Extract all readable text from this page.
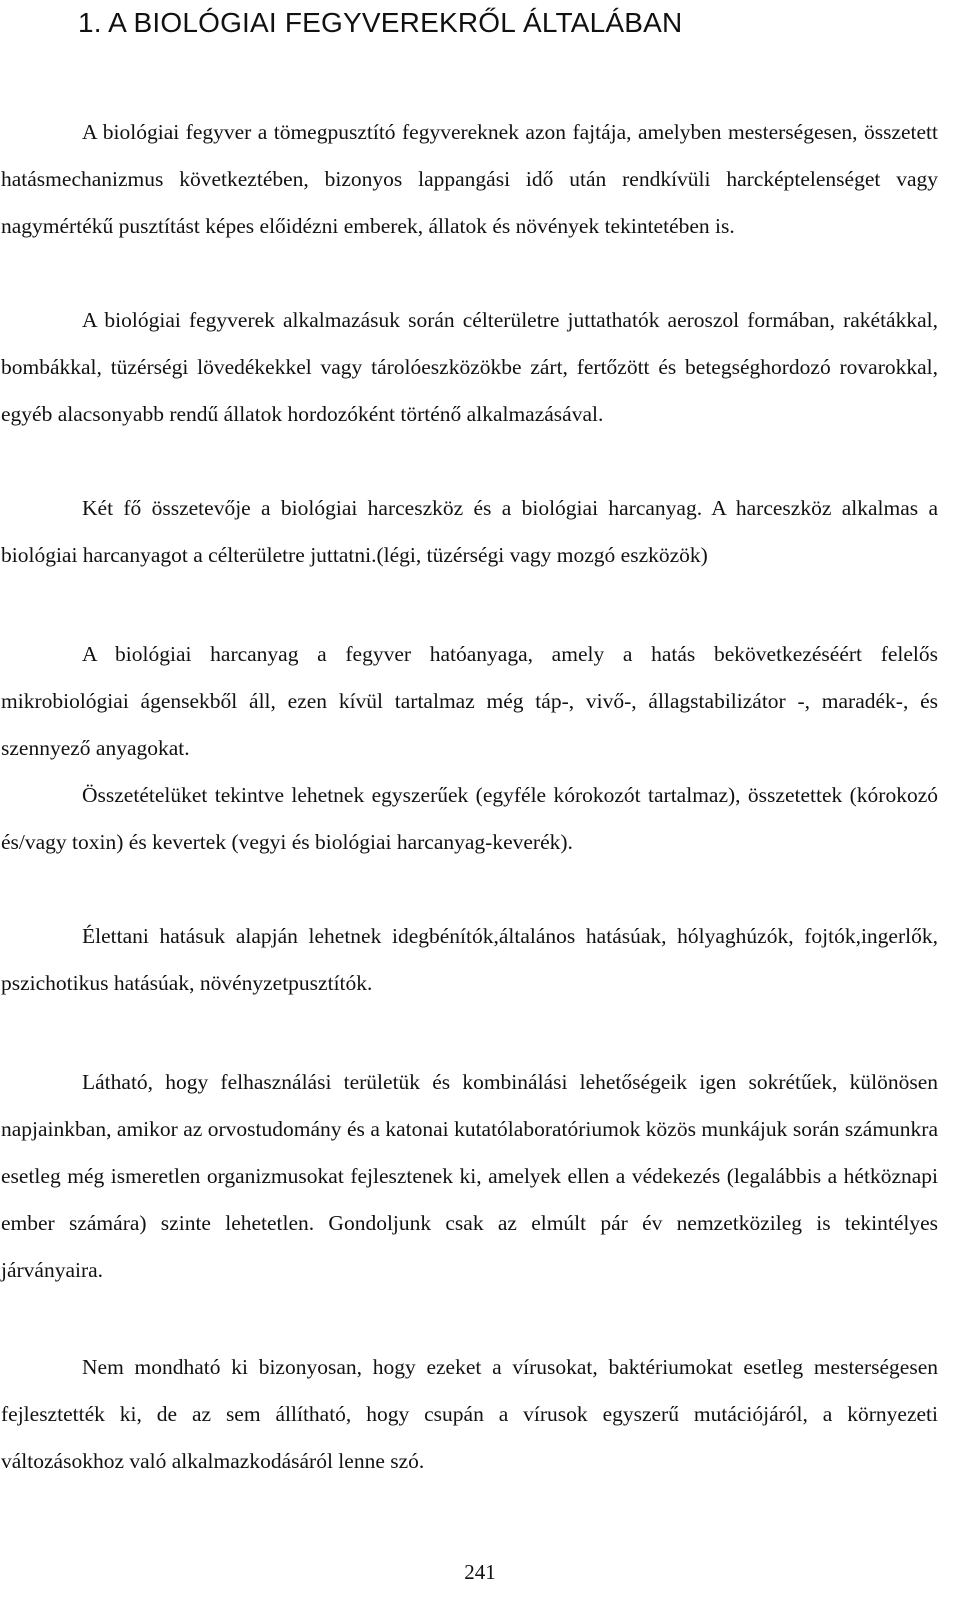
1. A BIOLÓGIAI FEGYVEREKRŐL ÁLTALÁBAN

A biológiai fegyver a tömegpusztító fegyvereknek azon fajtája, amelyben mesterségesen, összetett hatásmechanizmus következtében, bizonyos lappangási idő után rendkívüli harcképtelenséget vagy nagymértékű pusztítást képes előidézni emberek, állatok és növények tekintetében is.

A biológiai fegyverek alkalmazásuk során célterületre juttathatók aeroszol formában, rakétákkal, bombákkal, tüzérségi lövedékekkel vagy tárolóeszközökbe zárt, fertőzött és betegséghordozó rovarokkal, egyéb alacsonyabb rendű állatok hordozóként történő alkalmazásával.

Két fő összetevője a biológiai harceszköz és a biológiai harcanyag. A harceszköz alkalmas a biológiai harcanyagot a célterületre juttatni.(légi, tüzérségi vagy mozgó eszközök)

A biológiai harcanyag a fegyver hatóanyaga, amely a hatás bekövetkezéséért felelős mikrobiológiai ágensekből áll, ezen kívül tartalmaz még táp-, vivő-, állagstabilizátor -, maradék-, és szennyező anyagokat.

Összetételüket tekintve lehetnek egyszerűek (egyféle kórokozót tartalmaz), összetettek (kórokozó és/vagy toxin) és kevertek (vegyi és biológiai harcanyag-keverék).

Élettani hatásuk alapján lehetnek idegbénítók,általános hatásúak, hólyaghúzók, fojtók,ingerlők, pszichotikus hatásúak, növényzetpusztítók.

Látható, hogy felhasználási területük és kombinálási lehetőségeik igen sokrétűek, különösen napjainkban, amikor az orvostudomány és a katonai kutatólaboratóriumok közös munkájuk során számunkra esetleg még ismeretlen organizmusokat fejlesztenek ki, amelyek ellen a védekezés (legalábbis a hétköznapi ember számára) szinte lehetetlen. Gondoljunk csak az elmúlt pár év nemzetközileg is tekintélyes járványaira.

Nem mondható ki bizonyosan, hogy ezeket a vírusokat, baktériumokat esetleg mesterségesen fejlesztették ki, de az sem állítható, hogy csupán a vírusok egyszerű mutációjáról, a környezeti változásokhoz való alkalmazkodásáról lenne szó.

241
